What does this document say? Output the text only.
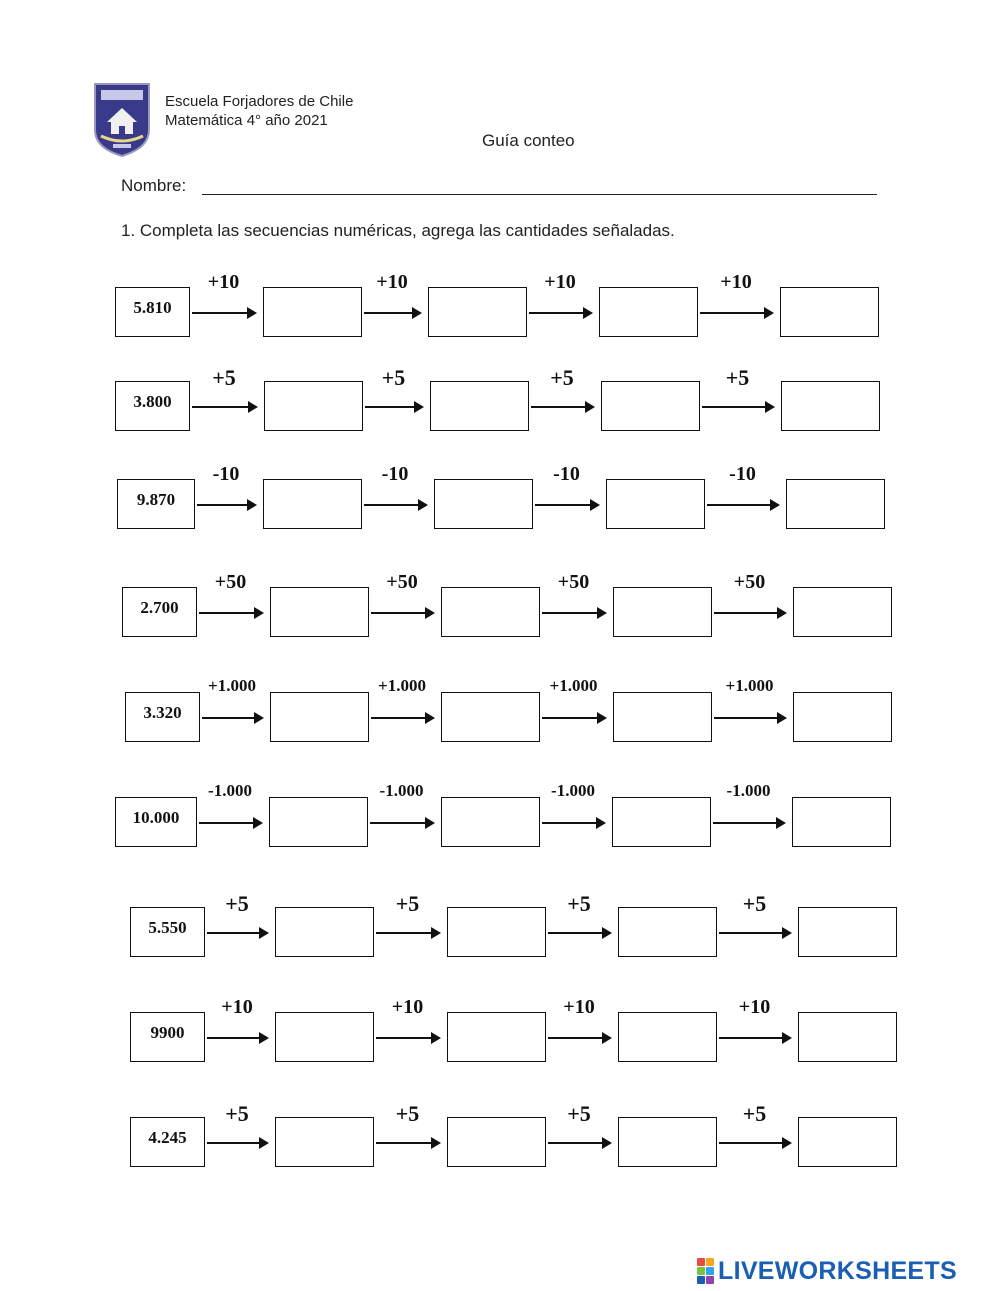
Escuela Forjadores de Chile
Matemática 4° año 2021
Guía conteo
Nombre:
1. Completa las secuencias numéricas, agrega las cantidades señaladas.
5.810
+10	+10	+10	+10
3.800
+5	+5	+5	+5
9.870
-10	-10	-10	-10
2.700
+50	+50	+50	+50
3.320
+1.000	+1.000	+1.000	+1.000
10.000
-1.000	-1.000	-1.000	-1.000
5.550
+5	+5	+5	+5
9900
+10	+10	+10	+10
4.245
+5	+5	+5	+5
LIVEWORKSHEETS
